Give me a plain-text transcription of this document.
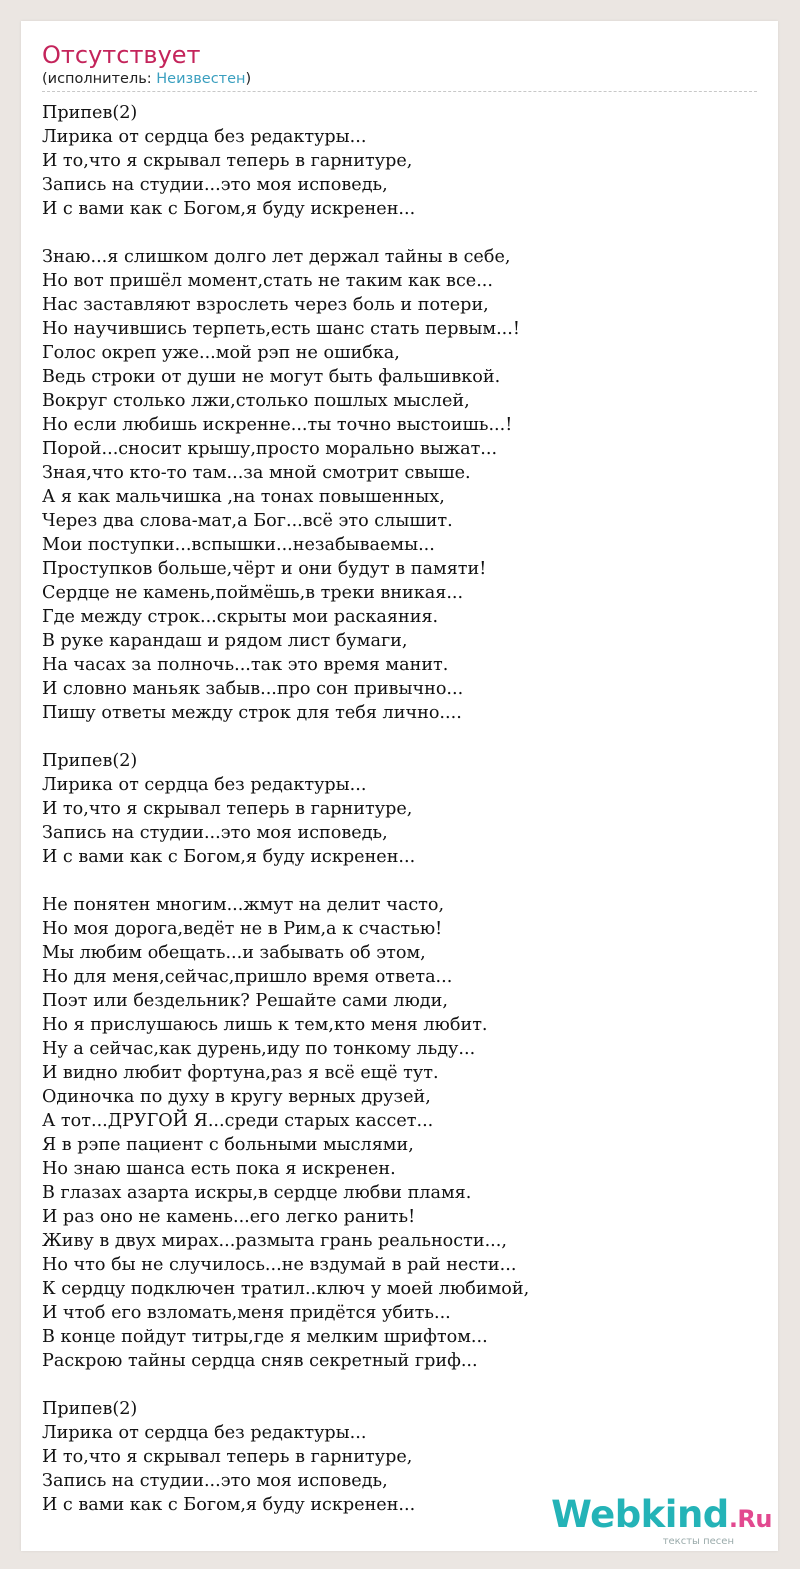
Отсутствует
(исполнитель: Неизвестен)
Припев(2)
Лирика от сердца без редактуры...
И то,что я скрывал теперь в гарнитуре,
Запись на студии...это моя исповедь,
И с вами как с Богом,я буду искренен...
Знаю...я слишком долго лет держал тайны в себе,
Но вот пришёл момент,стать не таким как все...
Нас заставляют взрослеть через боль и потери,
Но научившись терпеть,есть шанс стать первым...!
Голос окреп уже...мой рэп не ошибка,
Ведь строки от души не могут быть фальшивкой.
Вокруг столько лжи,столько пошлых мыслей,
Но если любишь искренне...ты точно выстоишь...!
Порой...сносит крышу,просто морально выжат...
Зная,что кто-то там...за мной смотрит свыше.
А я как мальчишка ,на тонах повышенных,
Через два слова-мат,а Бог...всё это слышит.
Мои поступки...вспышки...незабываемы...
Проступков больше,чёрт и они будут в памяти!
Сердце не камень,поймёшь,в треки вникая...
Где между строк...скрыты мои раскаяния.
В руке карандаш и рядом лист бумаги,
На часах за полночь...так это время манит.
И словно маньяк забыв...про сон привычно...
Пишу ответы между строк для тебя лично....
Припев(2)
Лирика от сердца без редактуры...
И то,что я скрывал теперь в гарнитуре,
Запись на студии...это моя исповедь,
И с вами как с Богом,я буду искренен...
Не понятен многим...жмут на делит часто,
Но моя дорога,ведёт не в Рим,а к счастью!
Мы любим обещать...и забывать об этом,
Но для меня,сейчас,пришло время ответа...
Поэт или бездельник? Решайте сами люди,
Но я прислушаюсь лишь к тем,кто меня любит.
Ну а сейчас,как дурень,иду по тонкому льду...
И видно любит фортуна,раз я всё ещё тут.
Одиночка по духу в кругу верных друзей,
А тот...ДРУГОЙ Я...среди старых кассет...
Я в рэпе пациент с больными мыслями,
Но знаю шанса есть пока я искренен.
В глазах азарта искры,в сердце любви пламя.
И раз оно не камень...его легко ранить!
Живу в двух мирах...размыта грань реальности...,
Но что бы не случилось...не вздумай в рай нести...
К сердцу подключен тратил..ключ у моей любимой,
И чтоб его взломать,меня придётся убить...
В конце пойдут титры,где я мелким шрифтом...
Раскрою тайны сердца сняв секретный гриф...
Припев(2)
Лирика от сердца без редактуры...
И то,что я скрывал теперь в гарнитуре,
Запись на студии...это моя исповедь,
И с вами как с Богом,я буду искренен...	Webkind.Ru
тексты песен
